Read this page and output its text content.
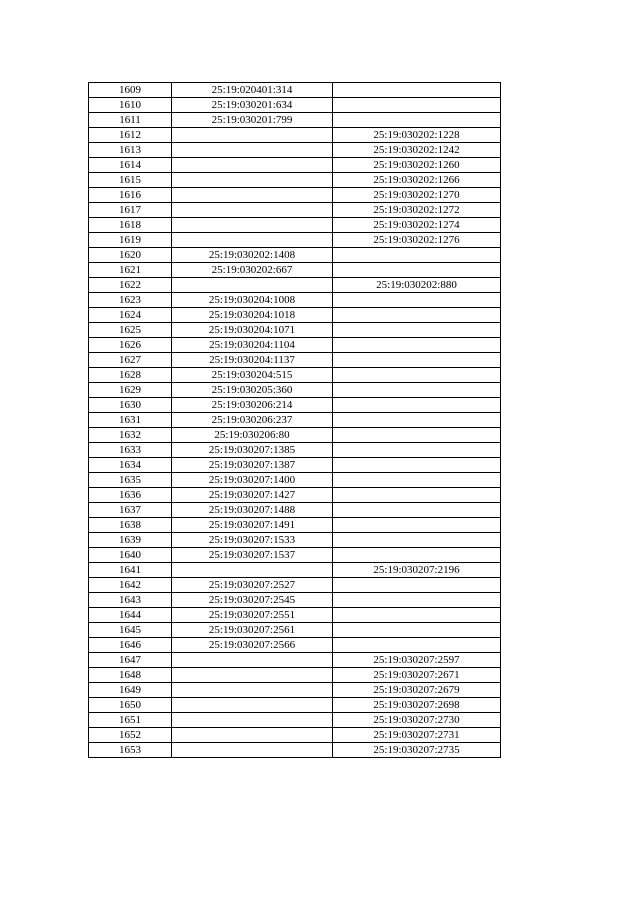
1609	25:19:020401:314	
1610	25:19:030201:634	
1611	25:19:030201:799	
1612		25:19:030202:1228
1613		25:19:030202:1242
1614		25:19:030202:1260
1615		25:19:030202:1266
1616		25:19:030202:1270
1617		25:19:030202:1272
1618		25:19:030202:1274
1619		25:19:030202:1276
1620	25:19:030202:1408	
1621	25:19:030202:667	
1622		25:19:030202:880
1623	25:19:030204:1008	
1624	25:19:030204:1018	
1625	25:19:030204:1071	
1626	25:19:030204:1104	
1627	25:19:030204:1137	
1628	25:19:030204:515	
1629	25:19:030205:360	
1630	25:19:030206:214	
1631	25:19:030206:237	
1632	25:19:030206:80	
1633	25:19:030207:1385	
1634	25:19:030207:1387	
1635	25:19:030207:1400	
1636	25:19:030207:1427	
1637	25:19:030207:1488	
1638	25:19:030207:1491	
1639	25:19:030207:1533	
1640	25:19:030207:1537	
1641		25:19:030207:2196
1642	25:19:030207:2527	
1643	25:19:030207:2545	
1644	25:19:030207:2551	
1645	25:19:030207:2561	
1646	25:19:030207:2566	
1647		25:19:030207:2597
1648		25:19:030207:2671
1649		25:19:030207:2679
1650		25:19:030207:2698
1651		25:19:030207:2730
1652		25:19:030207:2731
1653		25:19:030207:2735
